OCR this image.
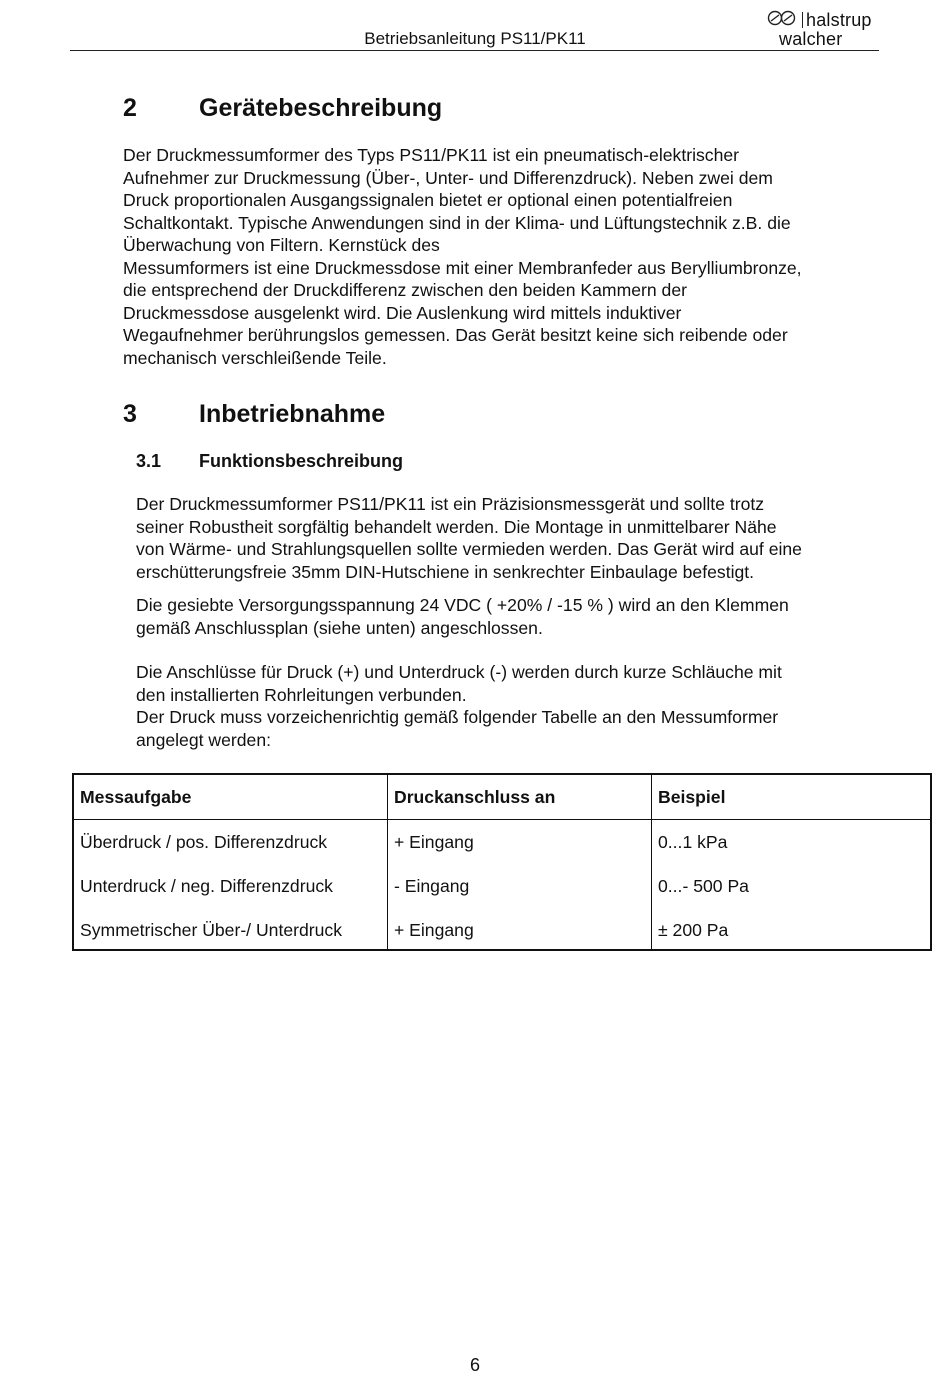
Betriebsanleitung PS11/PK11
halstrup
walcher
2 Gerätebeschreibung
Der Druckmessumformer des Typs PS11/PK11 ist ein pneumatisch-elektrischer
Aufnehmer zur Druckmessung (Über-, Unter- und Differenzdruck). Neben zwei dem
Druck proportionalen Ausgangssignalen bietet er optional einen potentialfreien
Schaltkontakt. Typische Anwendungen sind in der Klima- und Lüftungstechnik z.B. die
Überwachung von Filtern. Kernstück des
Messumformers ist eine Druckmessdose mit einer Membranfeder aus Berylliumbronze,
die entsprechend der Druckdifferenz zwischen den beiden Kammern der
Druckmessdose ausgelenkt wird. Die Auslenkung wird mittels induktiver
Wegaufnehmer berührungslos gemessen. Das Gerät besitzt keine sich reibende oder
mechanisch verschleißende Teile.
3 Inbetriebnahme
3.1 Funktionsbeschreibung
Der Druckmessumformer PS11/PK11 ist ein Präzisionsmessgerät und sollte trotz
seiner Robustheit sorgfältig behandelt werden. Die Montage in unmittelbarer Nähe
von Wärme- und Strahlungsquellen sollte vermieden werden. Das Gerät wird auf eine
erschütterungsfreie 35mm DIN-Hutschiene in senkrechter Einbaulage befestigt.
Die gesiebte Versorgungsspannung 24 VDC ( +20% / -15 % ) wird an den Klemmen
gemäß Anschlussplan (siehe unten) angeschlossen.
Die Anschlüsse für Druck (+) und Unterdruck (-) werden durch kurze Schläuche mit
den installierten Rohrleitungen verbunden.
Der Druck muss vorzeichenrichtig gemäß folgender Tabelle an den Messumformer
angelegt werden:
Messaufgabe	Druckanschluss an	Beispiel
Überdruck / pos. Differenzdruck	+ Eingang	0...1 kPa
Unterdruck / neg. Differenzdruck	- Eingang	0...- 500 Pa
Symmetrischer Über-/ Unterdruck	+ Eingang	± 200 Pa
6
